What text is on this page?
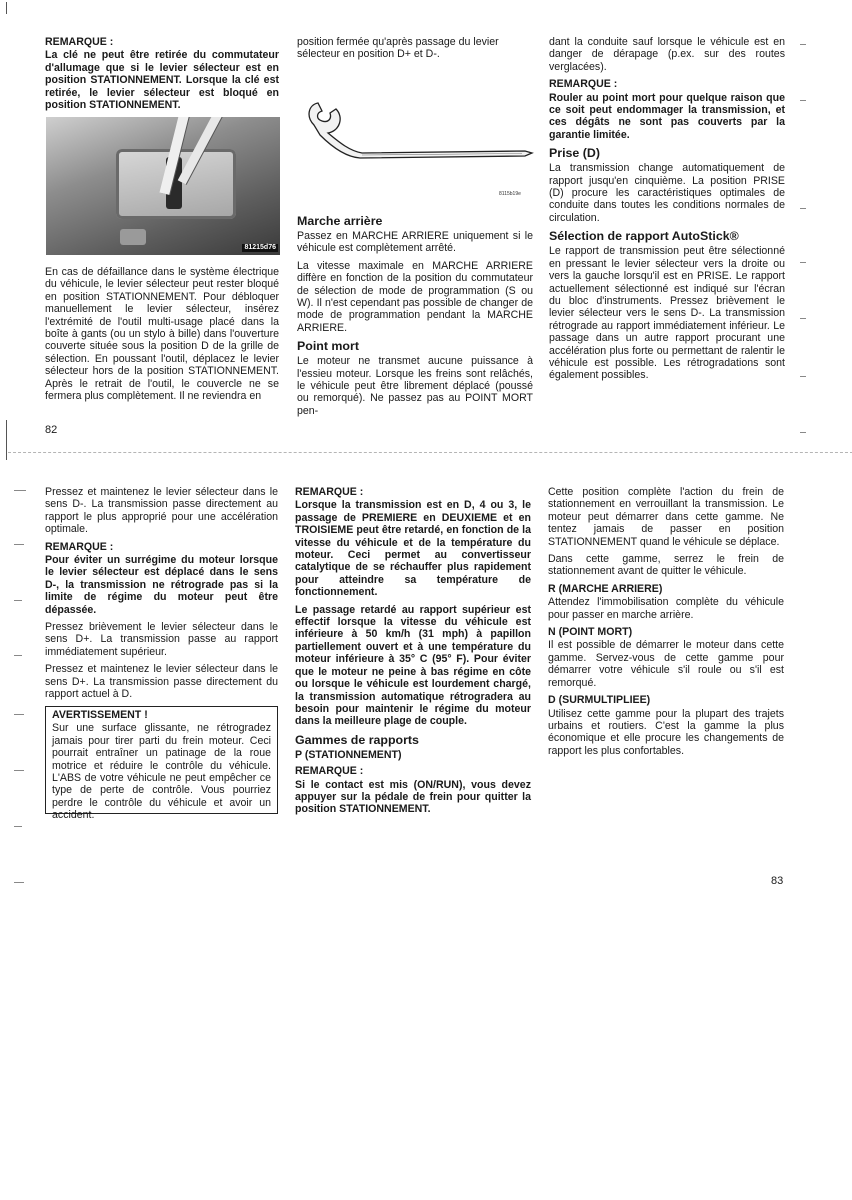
REMARQUE :

La clé ne peut être retirée du commutateur d'allumage que si le levier sélecteur est en position STATIONNEMENT. Lorsque la clé est retirée, le levier sélecteur est bloqué en position STATIONNEMENT.

81215d76

En cas de défaillance dans le système électrique du véhicule, le levier sélecteur peut rester bloqué en position STATIONNEMENT. Pour débloquer manuellement le levier sélecteur, insérez l'extrémité de l'outil multi-usage placé dans la boîte à gants (ou un stylo à bille) dans l'ouverture couverte située sous la position D de la grille de sélection. En poussant l'outil, déplacez le levier sélecteur hors de la position STATIONNEMENT. Après le retrait de l'outil, le couvercle ne se fermera plus complètement. Il ne reviendra en

position fermée qu'après passage du levier sélecteur en position D+ et D-.

8115b19e
Marche arrière

Passez en MARCHE ARRIERE uniquement si le véhicule est complètement arrêté.

La vitesse maximale en MARCHE ARRIERE diffère en fonction de la position du commutateur de sélection de mode de programmation (S ou W). Il n'est cependant pas possible de changer de mode de programmation pendant la MARCHE ARRIERE.

Point mort

Le moteur ne transmet aucune puissance à l'essieu moteur. Lorsque les freins sont relâchés, le véhicule peut être librement déplacé (poussé ou remorqué). Ne passez pas au POINT MORT pen-

dant la conduite sauf lorsque le véhicule est en danger de dérapage (p.ex. sur des routes verglacées).

REMARQUE :

Rouler au point mort pour quelque raison que ce soit peut endommager la transmission, et ces dégâts ne sont pas couverts par la garantie limitée.

Prise (D)

La transmission change automatiquement de rapport jusqu'en cinquième. La position PRISE (D) procure les caractéristiques optimales de conduite dans toutes les conditions normales de circulation.

Sélection de rapport AutoStick®

Le rapport de transmission peut être sélectionné en pressant le levier sélecteur vers la droite ou vers la gauche lorsqu'il est en PRISE. Le rapport actuellement sélectionné est indiqué sur l'écran du bloc d'instruments. Pressez brièvement le levier sélecteur vers le sens D-. La transmission rétrograde au rapport immédiatement inférieur. Le passage dans un autre rapport procurant une accélération plus forte ou permettant de ralentir le véhicule est possible. Les rétrogradations sont également possibles.

82

Pressez et maintenez le levier sélecteur dans le sens D-. La transmission passe directement au rapport le plus approprié pour une accélération optimale.

REMARQUE :

Pour éviter un surrégime du moteur lorsque le levier sélecteur est déplacé dans le sens D-, la transmission ne rétrograde pas si la limite de régime du moteur peut être dépassée.

Pressez brièvement le levier sélecteur dans le sens D+. La transmission passe au rapport immédiatement supérieur.

Pressez et maintenez le levier sélecteur dans le sens D+. La transmission passe directement du rapport actuel à D.

AVERTISSEMENT !
Sur une surface glissante, ne rétrogradez jamais pour tirer parti du frein moteur. Ceci pourrait entraîner un patinage de la roue motrice et réduire le contrôle du véhicule. L'ABS de votre véhicule ne peut empêcher ce type de perte de contrôle. Vous pourriez perdre le contrôle du véhicule et avoir un accident.
REMARQUE :

Lorsque la transmission est en D, 4 ou 3, le passage de PREMIERE en DEUXIEME et en TROISIEME peut être retardé, en fonction de la vitesse du véhicule et de la température du moteur. Ceci permet au convertisseur catalytique de se réchauffer plus rapidement pour atteindre sa température de fonctionnement.

Le passage retardé au rapport supérieur est effectif lorsque la vitesse du véhicule est inférieure à 50 km/h (31 mph) à papillon partiellement ouvert et à une température du moteur inférieure à 35° C (95° F). Pour éviter que le moteur ne peine à bas régime en côte ou lorsque le véhicule est lourdement chargé, la transmission automatique rétrogradera au besoin pour maintenir le régime du moteur dans la meilleure plage de couple.

Gammes de rapports
P (STATIONNEMENT)
REMARQUE :

Si le contact est mis (ON/RUN), vous devez appuyer sur la pédale de frein pour quitter la position STATIONNEMENT.

Cette position complète l'action du frein de stationnement en verrouillant la transmission. Le moteur peut démarrer dans cette gamme. Ne tentez jamais de passer en position STATIONNEMENT quand le véhicule se déplace.

Dans cette gamme, serrez le frein de stationnement avant de quitter le véhicule.

R (MARCHE ARRIERE)

Attendez l'immobilisation complète du véhicule pour passer en marche arrière.

N (POINT MORT)

Il est possible de démarrer le moteur dans cette gamme. Servez-vous de cette gamme pour démarrer votre véhicule s'il roule ou s'il est remorqué.

D (SURMULTIPLIEE)

Utilisez cette gamme pour la plupart des trajets urbains et routiers. C'est la gamme la plus économique et elle procure les changements de rapport les plus confortables.

83
